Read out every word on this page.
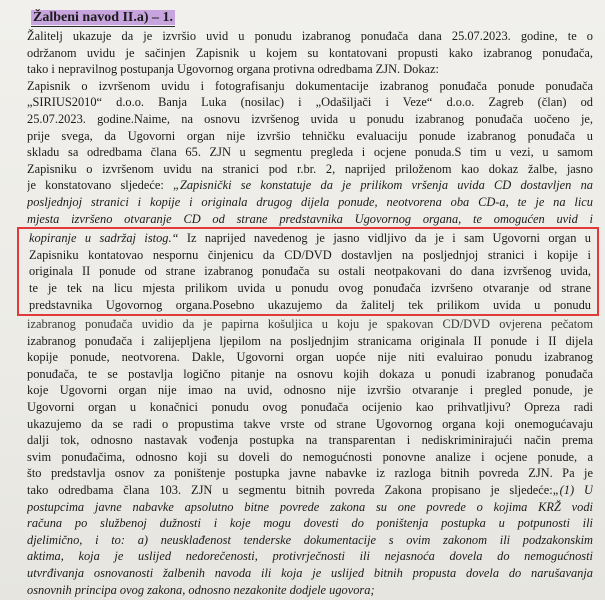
Žalbeni navod II.a) – 1.
Žalitelj ukazuje da je izvršio uvid u ponudu izabranog ponuđača dana 25.07.2023. godine, te o
održanom uvidu je sačinjen Zapisnik u kojem su kontatovani propusti kako izabranog ponuđača,
tako i nepravilnog postupanja Ugovornog organa protivna odredbama ZJN. Dokaz:
Zapisnik o izvršenom uvidu i fotografisanju dokumentacije izabranog ponuđača ponude ponuđača
„SIRIUS2010“ d.o.o. Banja Luka (nosilac) i „Odašiljači i Veze“ d.o.o. Zagreb (član) od
25.07.2023. godine.Naime, na osnovu izvršenog uvida u ponudu izabranog ponuđača uočeno je,
prije svega, da Ugovorni organ nije izvršio tehničku evaluaciju ponude izabranog ponuđača u
skladu sa odredbama člana 65. ZJN u segmentu pregleda i ocjene ponuda.S tim u vezi, u samom
Zapisniku o izvršenom uvidu na stranici pod r.br. 2, naprijed priloženom kao dokaz žalbe, jasno
je konstatovano sljedeće: „Zapisnički se konstatuje da je prilikom vršenja uvida CD dostavljen na
posljednjoj stranici i kopije i originala drugog dijela ponude, neotvorena oba CD-a, te je na licu
mjesta izvršeno otvaranje CD od strane predstavnika Ugovornog organa, te omogućen uvid i
kopiranje u sadržaj istog.“ Iz naprijed navedenog je jasno vidljivo da je i sam Ugovorni organ u
Zapisniku kontatovao nespornu činjenicu da CD/DVD dostavljen na posljednjoj stranici i kopije i
originala II ponude od strane izabranog ponuđača su ostali neotpakovani do dana izvršenog uvida,
te je tek na licu mjesta prilikom uvida u ponudu ovog ponuđača izvršeno otvaranje od strane
predstavnika Ugovornog organa.Posebno ukazujemo da žalitelj tek prilikom uvida u ponudu
izabranog ponuđača uvidio da je papirna košuljica u koju je spakovan CD/DVD ovjerena pečatom
izabranog ponuđača i zalijepljena ljepilom na posljednjim stranicama originala II ponude i II dijela
kopije ponude, neotvorena. Dakle, Ugovorni organ uopće nije niti evaluirao ponudu izabranog
ponuđača, te se postavlja logično pitanje na osnovu kojih dokaza u ponudi izabranog ponuđača
koje Ugovorni organ nije imao na uvid, odnosno nije izvršio otvaranje i pregled ponude, je
Ugovorni organ u konačnici ponudu ovog ponuđača ocijenio kao prihvatljivu? Opreza radi
ukazujemo da se radi o propustima takve vrste od strane Ugovornog organa koji onemogućavaju
dalji tok, odnosno nastavak vođenja postupka na transparentan i nediskriminirajući način prema
svim ponuđačima, odnosno koji su doveli do nemogućnosti ponovne analize i ocjene ponude, a
što predstavlja osnov za poništenje postupka javne nabavke iz razloga bitnih povreda ZJN. Pa je
tako odredbama člana 103. ZJN u segmentu bitnih povreda Zakona propisano je sljedeće:„(1) U
postupcima javne nabavke apsolutno bitne povrede zakona su one povrede o kojima KRŽ vodi
računa po službenoj dužnosti i koje mogu dovesti do poništenja postupka u potpunosti ili
djelimično, i to: a) neusklađenost tenderske dokumentacije s ovim zakonom ili podzakonskim
aktima, koja je uslijed nedorečenosti, protivrječnosti ili nejasnoća dovela do nemogućnosti
utvrđivanja osnovanosti žalbenih navoda ili koja je uslijed bitnih propusta dovela do narušavanja
osnovnih principa ovog zakona, odnosno nezakonite dodjele ugovora;
